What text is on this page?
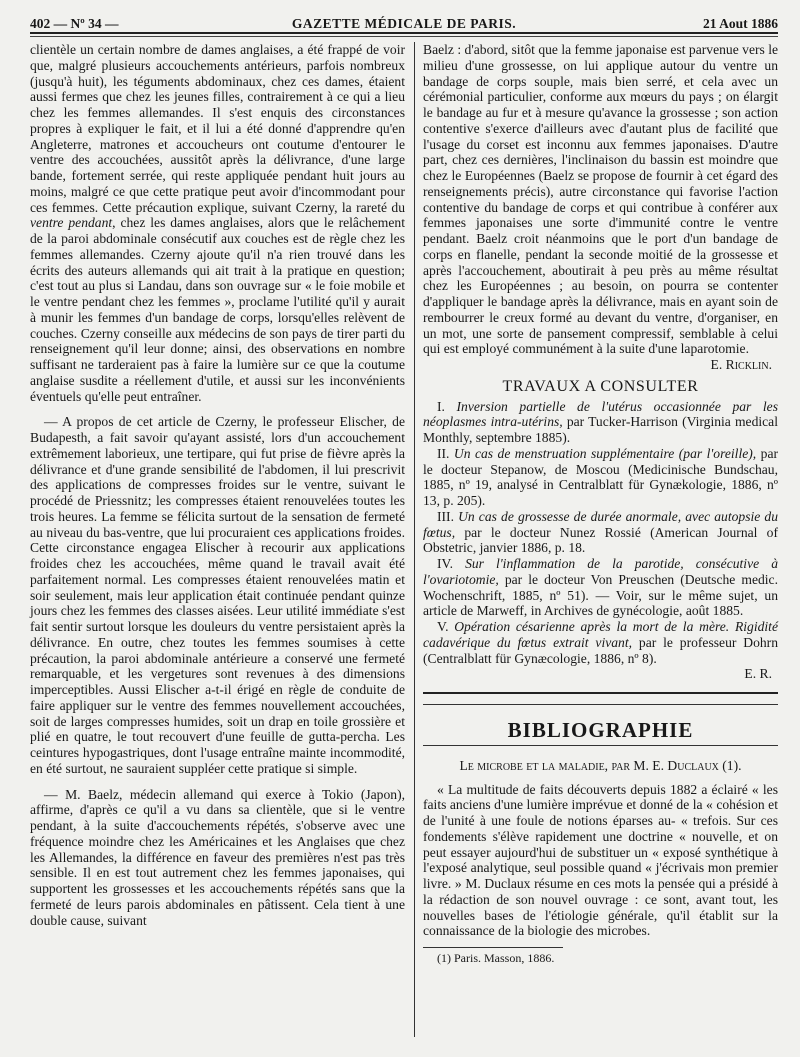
402 — Nº 34 —	GAZETTE MÉDICALE DE PARIS.	21 Aout 1886

clientèle un certain nombre de dames anglaises, a été frappé de voir que, malgré plusieurs accouchements antérieurs, parfois nombreux (jusqu'à huit), les téguments abdominaux, chez ces dames, étaient aussi fermes que chez les jeunes filles, contrairement à ce qui a lieu chez les femmes allemandes. Il s'est enquis des circonstances propres à expliquer le fait, et il lui a été donné d'apprendre qu'en Angleterre, matrones et accoucheurs ont coutume d'entourer le ventre des accouchées, aussitôt après la délivrance, d'une large bande, fortement serrée, qui reste appliquée pendant huit jours au moins, malgré ce que cette pratique peut avoir d'incommodant pour ces femmes. Cette précaution explique, suivant Czerny, la rareté du ventre pendant, chez les dames anglaises, alors que le relâchement de la paroi abdominale consécutif aux couches est de règle chez les femmes allemandes. Czerny ajoute qu'il n'a rien trouvé dans les écrits des auteurs allemands qui ait trait à la pratique en question; c'est tout au plus si Landau, dans son ouvrage sur « le foie mobile et le ventre pendant chez les femmes », proclame l'utilité qu'il y aurait à munir les femmes d'un bandage de corps, lorsqu'elles relèvent de couches. Czerny conseille aux médecins de son pays de tirer parti du renseignement qu'il leur donne; ainsi, des observations en nombre suffisant ne tarderaient pas à faire la lumière sur ce que la coutume anglaise susdite a réellement d'utile, et aussi sur les inconvénients éventuels qu'elle peut entraîner.

— A propos de cet article de Czerny, le professeur Elischer, de Budapesth, a fait savoir qu'ayant assisté, lors d'un accouchement extrêmement laborieux, une tertipare, qui fut prise de fièvre après la délivrance et d'une grande sensibilité de l'abdomen, il lui prescrivit des applications de compresses froides sur le ventre, suivant le procédé de Priessnitz; les compresses étaient renouvelées toutes les trois heures. La femme se félicita surtout de la sensation de fermeté au niveau du bas-ventre, que lui procuraient ces applications froides. Cette circonstance engagea Elischer à recourir aux applications froides chez les accouchées, même quand le travail avait été parfaitement normal. Les compresses étaient renouvelées matin et soir seulement, mais leur application était continuée pendant quinze jours chez les femmes des classes aisées. Leur utilité immédiate s'est fait sentir surtout lorsque les douleurs du ventre persistaient après la délivrance. En outre, chez toutes les femmes soumises à cette précaution, la paroi abdominale antérieure a conservé une fermeté remarquable, et les vergetures sont revenues à des dimensions imperceptibles. Aussi Elischer a-t-il érigé en règle de conduite de faire appliquer sur le ventre des femmes nouvellement accouchées, soit de larges compresses humides, soit un drap en toile grossière et plié en quatre, le tout recouvert d'une feuille de gutta-percha. Les ceintures hypogastriques, dont l'usage entraîne mainte incommodité, en été surtout, ne sauraient suppléer cette pratique si simple.

— M. Baelz, médecin allemand qui exerce à Tokio (Japon), affirme, d'après ce qu'il a vu dans sa clientèle, que si le ventre pendant, à la suite d'accouchements répétés, s'observe avec une fréquence moindre chez les Américaines et les Anglaises que chez les Allemandes, la différence en faveur des premières n'est pas très sensible. Il en est tout autrement chez les femmes japonaises, qui supportent les grossesses et les accouchements répétés sans que la fermeté de leurs parois abdominales en pâtissent. Cela tient à une double cause, suivant

Baelz : d'abord, sitôt que la femme japonaise est parvenue vers le milieu d'une grossesse, on lui applique autour du ventre un bandage de corps souple, mais bien serré, et cela avec un cérémonial particulier, conforme aux mœurs du pays ; on élargit le bandage au fur et à mesure qu'avance la grossesse ; son action contentive s'exerce d'ailleurs avec d'autant plus de facilité que l'usage du corset est inconnu aux femmes japonaises. D'autre part, chez ces dernières, l'inclinaison du bassin est moindre que chez le Européennes (Baelz se propose de fournir à cet égard des renseignements précis), autre circonstance qui favorise l'action contentive du bandage de corps et qui contribue à conférer aux femmes japonaises une sorte d'immunité contre le ventre pendant. Baelz croit néanmoins que le port d'un bandage de corps en flanelle, pendant la seconde moitié de la grossesse et après l'accouchement, aboutirait à peu près au même résultat chez les Européennes ; au besoin, on pourra se contenter d'appliquer le bandage après la délivrance, mais en ayant soin de rembourrer le creux formé au devant du ventre, d'organiser, en un mot, une sorte de pansement compressif, semblable à celui qui est employé communément à la suite d'une laparotomie.

E. Ricklin.

TRAVAUX A CONSULTER

I. Inversion partielle de l'utérus occasionnée par les néoplasmes intra-utérins, par Tucker-Harrison (Virginia medical Monthly, septembre 1885).

II. Un cas de menstruation supplémentaire (par l'oreille), par le docteur Stepanow, de Moscou (Medicinische Bundschau, 1885, nº 19, analysé in Centralblatt für Gynækologie, 1886, nº 13, p. 205).

III. Un cas de grossesse de durée anormale, avec autopsie du fœtus, par le docteur Nunez Rossié (American Journal of Obstetric, janvier 1886, p. 18.

IV. Sur l'inflammation de la parotide, consécutive à l'ovariotomie, par le docteur Von Preuschen (Deutsche medic. Wochenschrift, 1885, nº 51). — Voir, sur le même sujet, un article de Marweff, in Archives de gynécologie, août 1885.

V. Opération césarienne après la mort de la mère. Rigidité cadavérique du fœtus extrait vivant, par le professeur Dohrn (Centralblatt für Gynæcologie, 1886, nº 8).

E. R.

BIBLIOGRAPHIE

Le microbe et la maladie, par M. E. Duclaux (1).

« La multitude de faits découverts depuis 1882 a éclairé « les faits anciens d'une lumière imprévue et donné de la « cohésion et de l'unité à une foule de notions éparses au- « trefois. Sur ces fondements s'élève rapidement une doctrine « nouvelle, et on peut essayer aujourd'hui de substituer un « exposé synthétique à l'exposé analytique, seul possible quand « j'écrivais mon premier livre. » M. Duclaux résume en ces mots la pensée qui a présidé à la rédaction de son nouvel ouvrage : ce sont, avant tout, les nouvelles bases de l'étiologie générale, qu'il établit sur la connaissance de la biologie des microbes.

(1) Paris. Masson, 1886.
